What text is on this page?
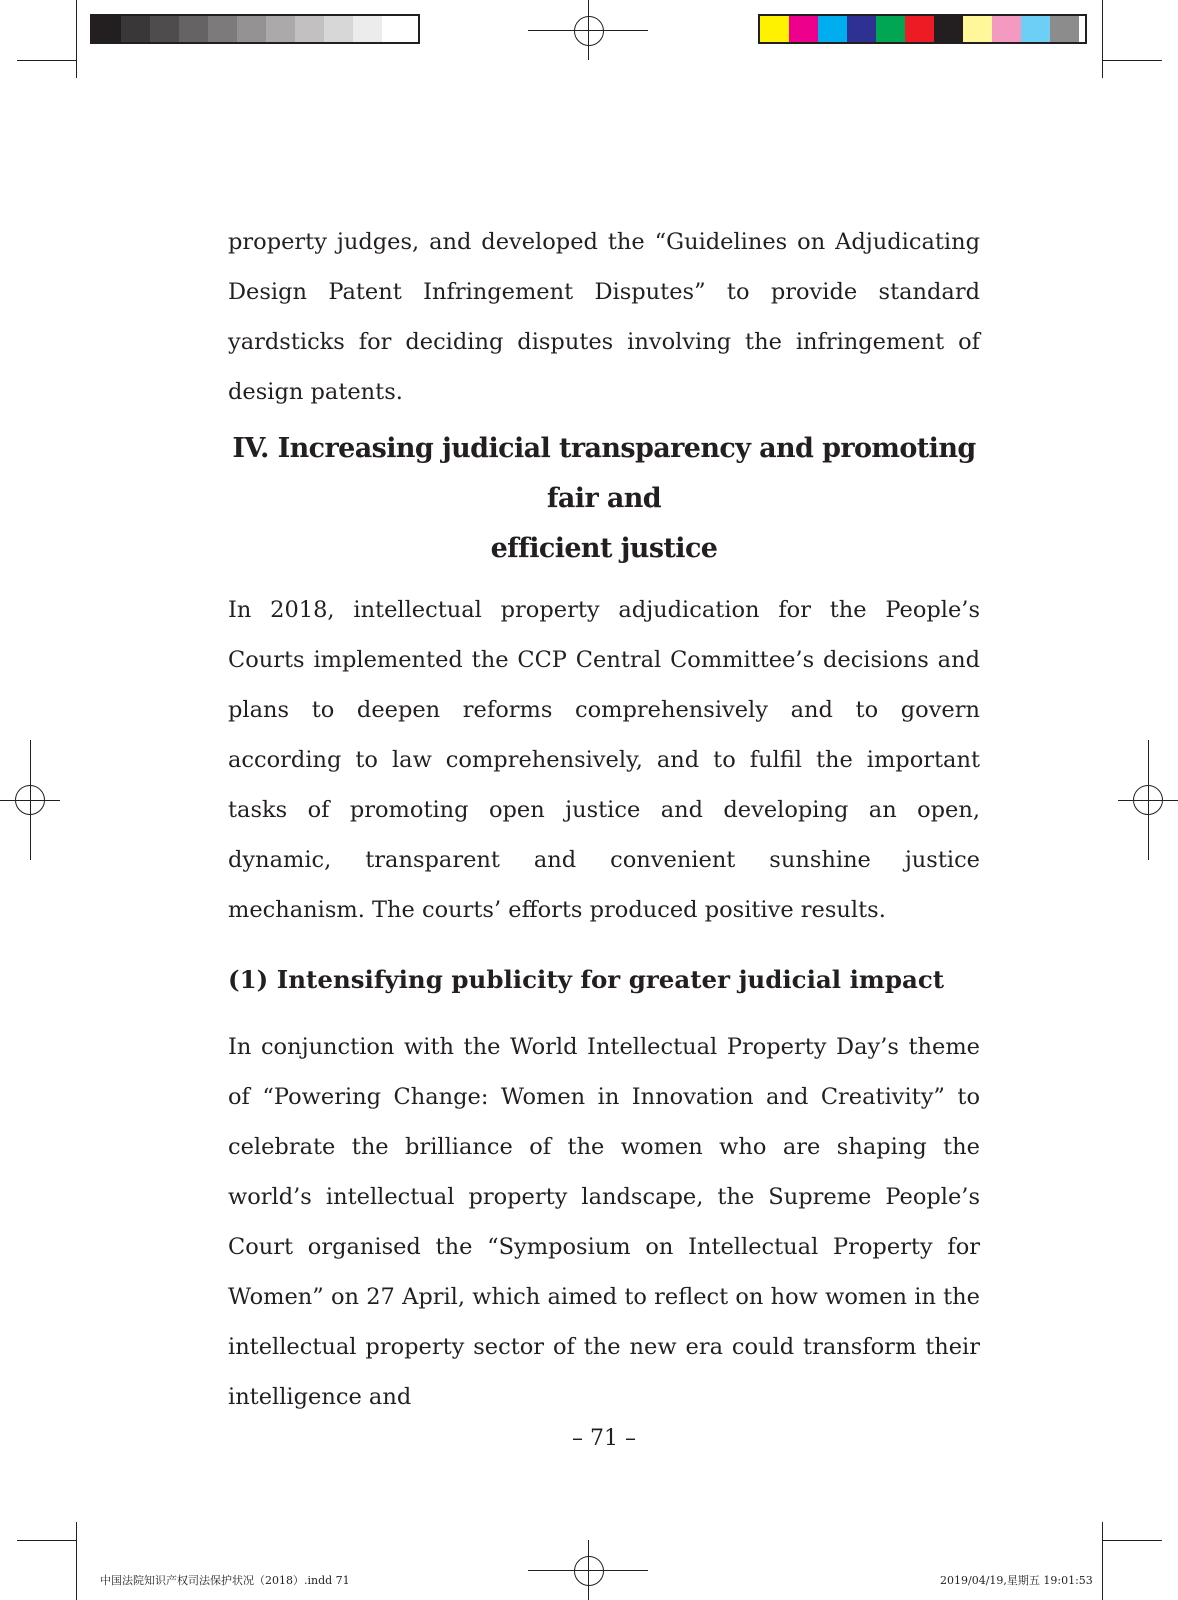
property judges, and developed the “Guidelines on Adjudicating Design Patent Infringement Disputes” to provide standard yardsticks for deciding disputes involving the infringement of design patents.

IV. Increasing judicial transparency and promoting fair and
efficient justice

In 2018, intellectual property adjudication for the People’s Courts implemented the CCP Central Committee’s decisions and plans to deepen reforms comprehensively and to govern according to law comprehensively, and to fulfil the important tasks of promoting open justice and developing an open, dynamic, transparent and convenient sunshine justice mechanism. The courts’ efforts produced positive results.

(1) Intensifying publicity for greater judicial impact

In conjunction with the World Intellectual Property Day’s theme of “Powering Change: Women in Innovation and Creativity” to celebrate the brilliance of the women who are shaping the world’s intellectual property landscape, the Supreme People’s Court organised the “Symposium on Intellectual Property for Women” on 27 April, which aimed to reflect on how women in the intellectual property sector of the new era could transform their intelligence and

– 71 –
中国法院知识产权司法保护状况（2018）.indd 71	2019/04/19,星期五 19:01:53
